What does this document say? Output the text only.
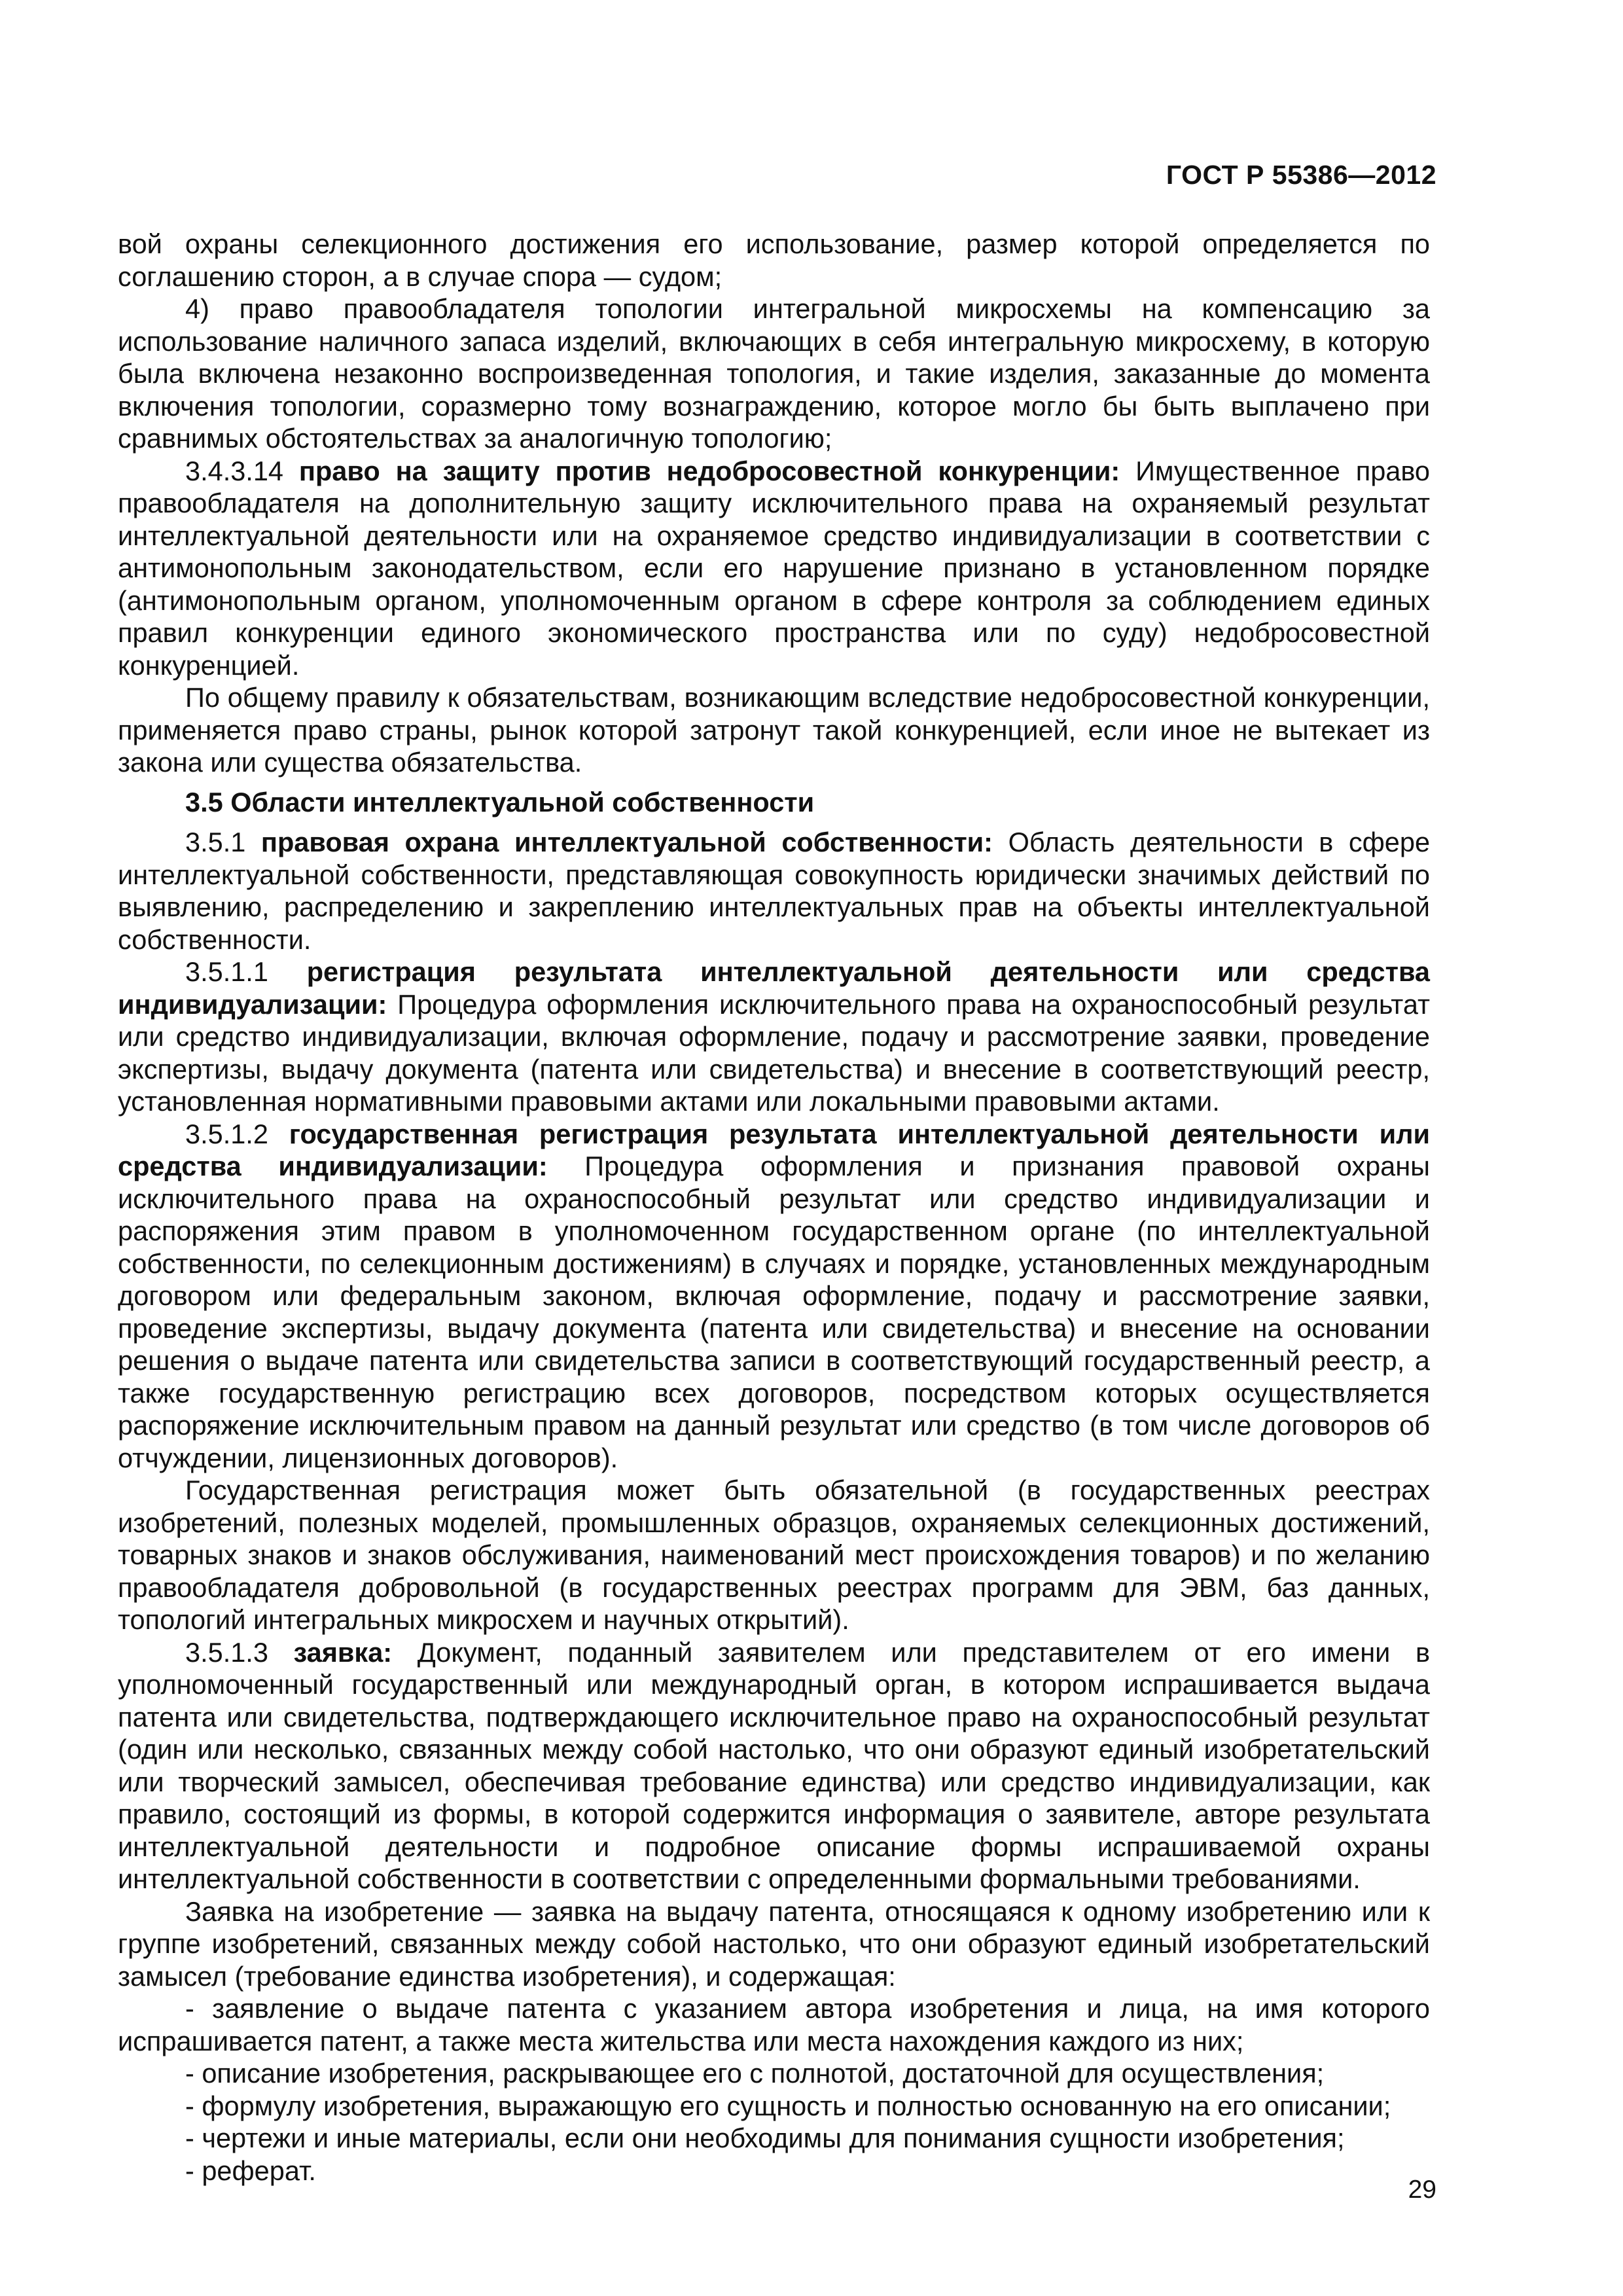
ГОСТ Р 55386—2012

вой охраны селекционного достижения его использование, размер которой определяется по соглашению сторон, а в случае спора — судом;

4) право правообладателя топологии интегральной микросхемы на компенсацию за использование наличного запаса изделий, включающих в себя интегральную микросхему, в которую была включена незаконно воспроизведенная топология, и такие изделия, заказанные до момента включения топологии, соразмерно тому вознаграждению, которое могло бы быть выплачено при сравнимых обстоятельствах за аналогичную топологию;

3.4.3.14 право на защиту против недобросовестной конкуренции: Имущественное право правообладателя на дополнительную защиту исключительного права на охраняемый результат интеллектуальной деятельности или на охраняемое средство индивидуализации в соответствии с антимонопольным законодательством, если его нарушение признано в установленном порядке (антимонопольным органом, уполномоченным органом в сфере контроля за соблюдением единых правил конкуренции единого экономического пространства или по суду) недобросовестной конкуренцией.

По общему правилу к обязательствам, возникающим вследствие недобросовестной конкуренции, применяется право страны, рынок которой затронут такой конкуренцией, если иное не вытекает из закона или существа обязательства.

3.5 Области интеллектуальной собственности

3.5.1 правовая охрана интеллектуальной собственности: Область деятельности в сфере интеллектуальной собственности, представляющая совокупность юридически значимых действий по выявлению, распределению и закреплению интеллектуальных прав на объекты интеллектуальной собственности.

3.5.1.1 регистрация результата интеллектуальной деятельности или средства индивидуализации: Процедура оформления исключительного права на охраноспособный результат или средство индивидуализации, включая оформление, подачу и рассмотрение заявки, проведение экспертизы, выдачу документа (патента или свидетельства) и внесение в соответствующий реестр, установленная нормативными правовыми актами или локальными правовыми актами.

3.5.1.2 государственная регистрация результата интеллектуальной деятельности или средства индивидуализации: Процедура оформления и признания правовой охраны исключительного права на охраноспособный результат или средство индивидуализации и распоряжения этим правом в уполномоченном государственном органе (по интеллектуальной собственности, по селекционным достижениям) в случаях и порядке, установленных международным договором или федеральным законом, включая оформление, подачу и рассмотрение заявки, проведение экспертизы, выдачу документа (патента или свидетельства) и внесение на основании решения о выдаче патента или свидетельства записи в соответствующий государственный реестр, а также государственную регистрацию всех договоров, посредством которых осуществляется распоряжение исключительным правом на данный результат или средство (в том числе договоров об отчуждении, лицензионных договоров).

Государственная регистрация может быть обязательной (в государственных реестрах изобретений, полезных моделей, промышленных образцов, охраняемых селекционных достижений, товарных знаков и знаков обслуживания, наименований мест происхождения товаров) и по желанию правообладателя добровольной (в государственных реестрах программ для ЭВМ, баз данных, топологий интегральных микросхем и научных открытий).

3.5.1.3 заявка: Документ, поданный заявителем или представителем от его имени в уполномоченный государственный или международный орган, в котором испрашивается выдача патента или свидетельства, подтверждающего исключительное право на охраноспособный результат (один или несколько, связанных между собой настолько, что они образуют единый изобретательский или творческий замысел, обеспечивая требование единства) или средство индивидуализации, как правило, состоящий из формы, в которой содержится информация о заявителе, авторе результата интеллектуальной деятельности и подробное описание формы испрашиваемой охраны интеллектуальной собственности в соответствии с определенными формальными требованиями.

Заявка на изобретение — заявка на выдачу патента, относящаяся к одному изобретению или к группе изобретений, связанных между собой настолько, что они образуют единый изобретательский замысел (требование единства изобретения), и содержащая:

- заявление о выдаче патента с указанием автора изобретения и лица, на имя которого испрашивается патент, а также места жительства или места нахождения каждого из них;

- описание изобретения, раскрывающее его с полнотой, достаточной для осуществления;

- формулу изобретения, выражающую его сущность и полностью основанную на его описании;

- чертежи и иные материалы, если они необходимы для понимания сущности изобретения;

- реферат.

29
